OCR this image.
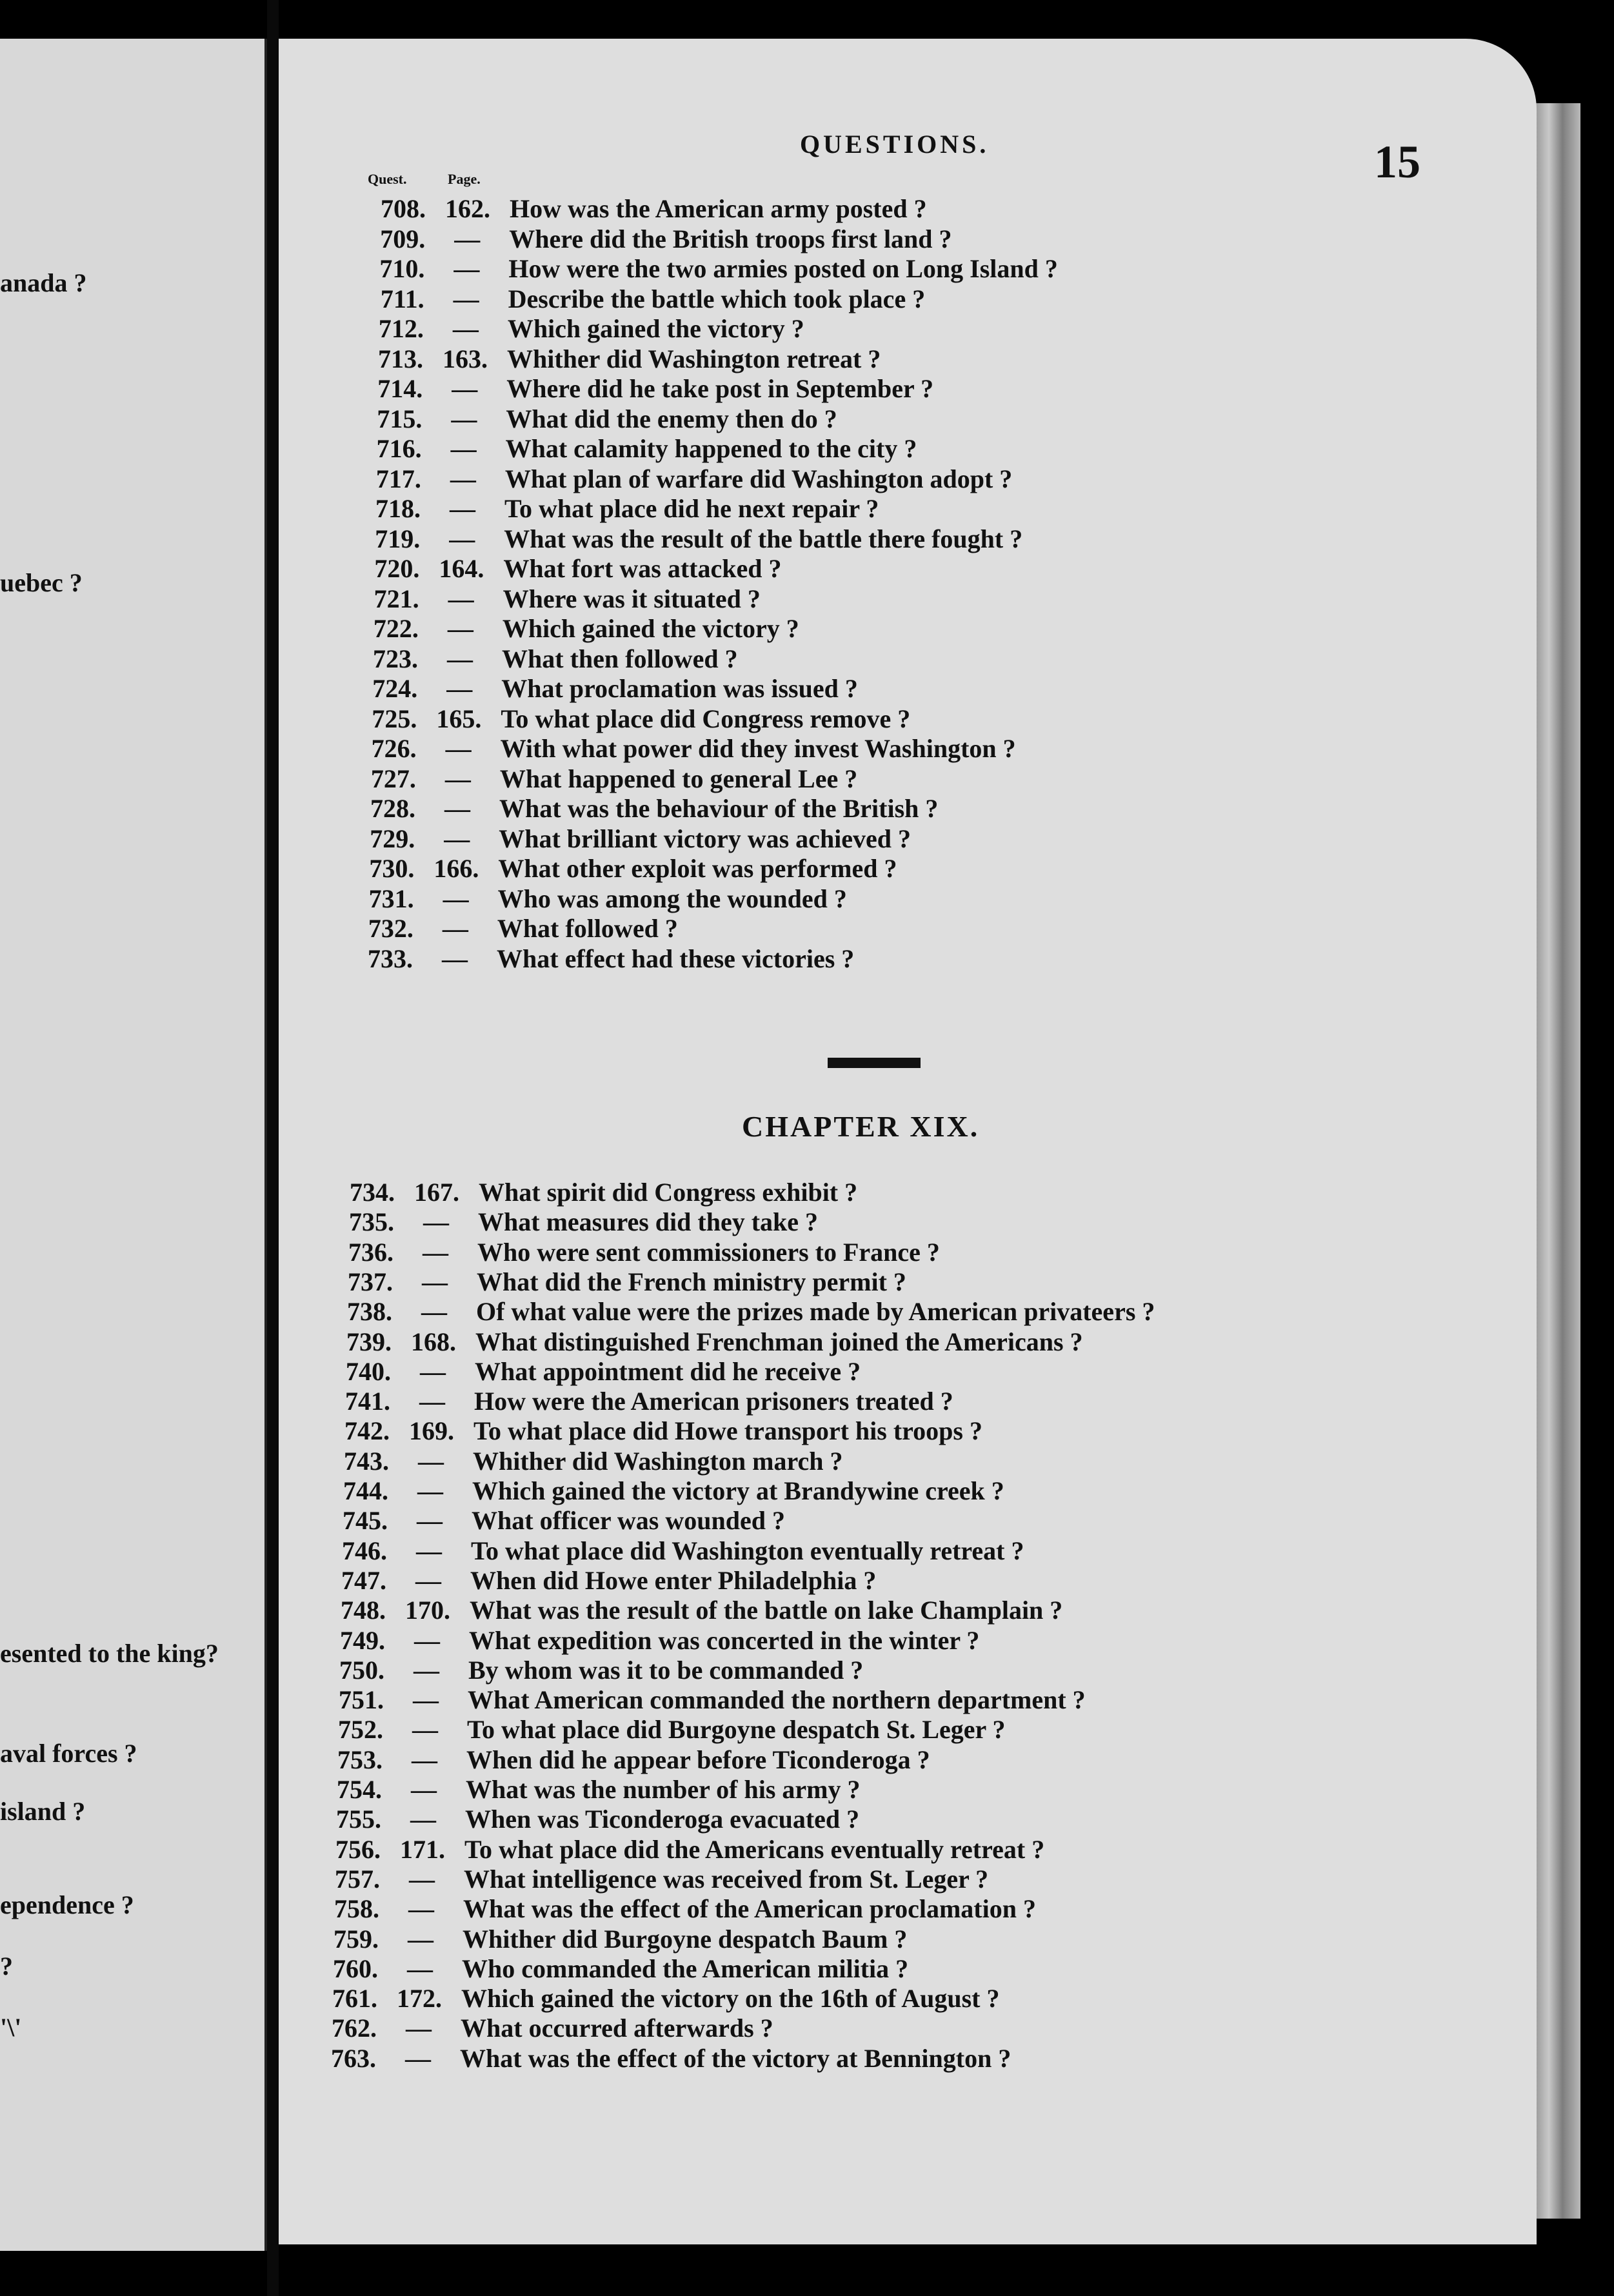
QUESTIONS.
Quest.	Page.
708. 162. How was the American army posted ?
709.	—	Where did the British troops first land ?
710.	—	How were the two armies posted on Long Island ?
711.	—	Describe the battle which took place ?
712.	—	Which gained the victory ?
713. 163. Whither did Washington retreat ?
714.	—	Where did he take post in September ?
715.	—	What did the enemy then do ?
716.	—	What calamity happened to the city ?
717.	—	What plan of warfare did Washington adopt ?
718.	—	To what place did he next repair ?
719.	—	What was the result of the battle there fought ?
720. 164. What fort was attacked ?
721.	—	Where was it situated ?
722.	—	Which gained the victory ?
723.	—	What then followed ?
724.	—	What proclamation was issued ?
725. 165. To what place did Congress remove ?
726.	—	With what power did they invest Washington ?
727.	—	What happened to general Lee ?
728.	—	What was the behaviour of the British ?
729.	—	What brilliant victory was achieved ?
730. 166. What other exploit was performed ?
731.	—	Who was among the wounded ?
732.	—	What followed ?
733.	—	What effect had these victories ?
CHAPTER XIX.
734. 167. What spirit did Congress exhibit ?
735.	—	What measures did they take ?
736.	—	Who were sent commissioners to France ?
737.	—	What did the French ministry permit ?
738.	—	Of what value were the prizes made by American privateers ?
739. 168. What distinguished Frenchman joined the Americans ?
740.	—	What appointment did he receive ?
741.	—	How were the American prisoners treated ?
742. 169. To what place did Howe transport his troops ?
743.	—	Whither did Washington march ?
744.	—	Which gained the victory at Brandywine creek ?
745.	—	What officer was wounded ?
746.	—	To what place did Washington eventually retreat ?
747.	—	When did Howe enter Philadelphia ?
748. 170. What was the result of the battle on lake Champlain ?
749.	—	What expedition was concerted in the winter ?
750.	—	By whom was it to be commanded ?
751.	—	What American commanded the northern department ?
752.	—	To what place did Burgoyne despatch St. Leger ?
753.	—	When did he appear before Ticonderoga ?
754.	—	What was the number of his army ?
755.	—	When was Ticonderoga evacuated ?
756. 171. To what place did the Americans eventually retreat ?
757.	—	What intelligence was received from St. Leger ?
758.	—	What was the effect of the American proclamation ?
759.	—	Whither did Burgoyne despatch Baum ?
760.	—	Who commanded the American militia ?
761. 172. Which gained the victory on the 16th of August ?
762.	—	What occurred afterwards ?
763.	—	What was the effect of the victory at Bennington ?
15
anada ?
uebec ?
esented to the king?
aval forces ?
island ?
ependence ?
?
'\'
